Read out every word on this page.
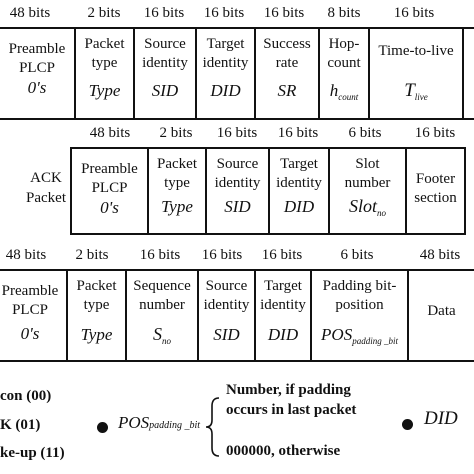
48 bits 2 bits 16 bits 16 bits 16 bits 8 bits 16 bits
Preamble PLCP
0's
Packet type
Type
Source identity
SID
Target identity
DID
Success rate
SR
Hop-count
$h_{count}$
Time-to-live
$T_{live}$
ACK Packet
48 bits 2 bits 16 bits 16 bits 6 bits 16 bits
Preamble PLCP
0's
Packet type
Type
Source identity
SID
Target identity
DID
Slot number
Slot$_{no}$
Footer section
48 bits 2 bits 16 bits 16 bits 16 bits	6 bits	48 bits
Preamble PLCP
0's
Packet type
Type
Sequence number
$S_{no}$
Source identity
SID
Target identity
DID
Padding bit-position
$POS_{padding \_bit}$
Data
con (00)
K (01)
ke-up (11)
POSpadding _bit
Number, if padding occurs in last packet
000000, otherwise
DID
